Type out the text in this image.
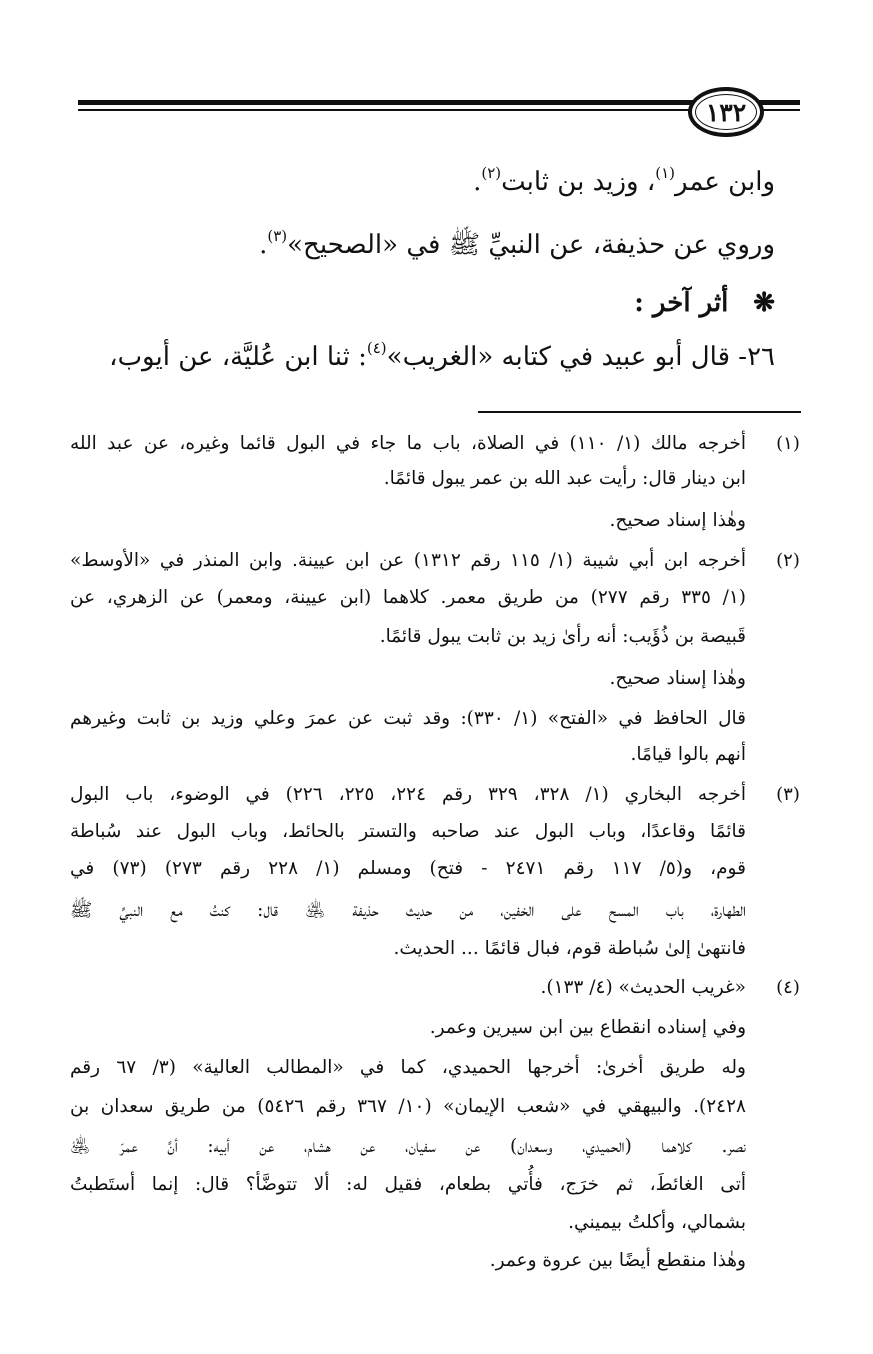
١٣٢
وابن عمر$^{(١)}$، وزيد بن ثابت$^{(٢)}$.
وروي عن حذيفة، عن النبيِّ ﷺ في «الصحيح»$^{(٣)}$.
❋   أثر آخر :
٢٦- قال أبو عبيد في كتابه «الغريب»$^{(٤)}$: ثنا ابن عُليَّة، عن أيوب،
(١)
أخرجه مالك (١/ ١١٠) في الصلاة، باب ما جاء في البول قائما وغيره، عن عبد الله
ابن دينار قال: رأيت عبد الله بن عمر يبول قائمًا.
وهٰذا إسناد صحيح.
(٢)
أخرجه ابن أبي شيبة (١/ ١١٥ رقم ١٣١٢) عن ابن عيينة. وابن المنذر في «الأوسط»
(١/ ٣٣٥ رقم ٢٧٧) من طريق معمر. كلاهما (ابن عيينة، ومعمر) عن الزهري، عن
قَبيصة بن ذُؤَيب: أنه رأىٰ زيد بن ثابت يبول قائمًا.
وهٰذا إسناد صحيح.
قال الحافظ في «الفتح» (١/ ٣٣٠): وقد ثبت عن عمرَ وعلي وزيد بن ثابت وغيرهم
أنهم بالوا قيامًا.
(٣)
أخرجه البخاري (١/ ٣٢٨، ٣٢٩ رقم ٢٢٤، ٢٢٥، ٢٢٦) في الوضوء، باب البول
قائمًا وقاعدًا، وباب البول عند صاحبه والتستر بالحائط، وباب البول عند سُباطة
قوم، و(٥/ ١١٧ رقم ٢٤٧١ - فتح) ومسلم (١/ ٢٢٨ رقم ٢٧٣) (٧٣) في
الطهارة، باب المسح على الخفين، من حديث حذيفة ﵁ قال: كنتُ مع النبيِّ ﷺ
فانتهىٰ إلىٰ سُباطة قوم، فبال قائمًا ... الحديث.
(٤)
«غريب الحديث» (٤/ ١٣٣).
وفي إسناده انقطاع بين ابن سيرين وعمر.
وله طريق أخرىٰ: أخرجها الحميدي، كما في «المطالب العالية» (٣/ ٦٧ رقم
٢٤٢٨). والبيهقي في «شعب الإيمان» (١٠/ ٣٦٧ رقم ٥٤٢٦) من طريق سعدان بن
نصر. كلاهما (الحميدي، وسعدان) عن سفيان، عن هشام، عن أبيه: أنَّ عمرَ ﵁
أتى الغائطَ، ثم خرَج، فأُتي بطعام، فقيل له: ألا تتوضَّأ؟ قال: إنما أستَطبتُ
بشمالي، وأكلتُ بيميني.
وهٰذا منقطع أيضًا بين عروة وعمر.
